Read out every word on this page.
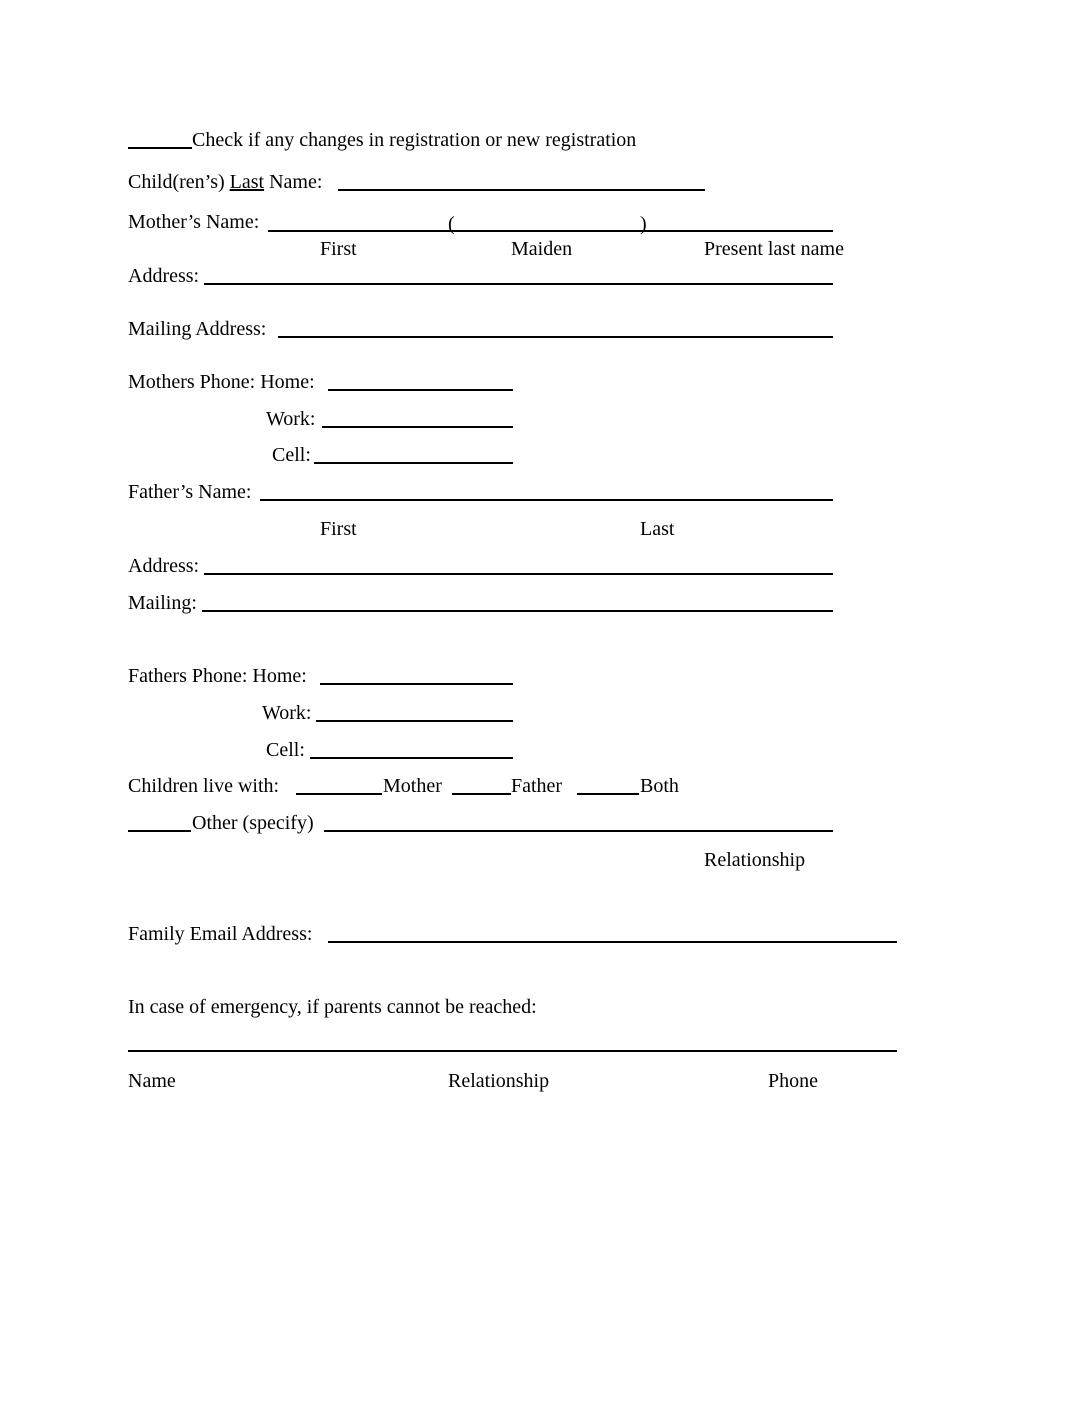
Check if any changes in registration or new registration
Child(ren’s) Last Name:
Mother’s Name:	(	)
First	Maiden	Present last name
Address:
Mailing Address:
Mothers Phone: Home:
Work:
Cell:
Father’s Name:
First	Last
Address:
Mailing:
Fathers Phone: Home:
Work:
Cell:
Children live with:	Mother	Father	Both
Other (specify)
Relationship
Family Email Address:
In case of emergency, if parents cannot be reached:
Name	Relationship	Phone
